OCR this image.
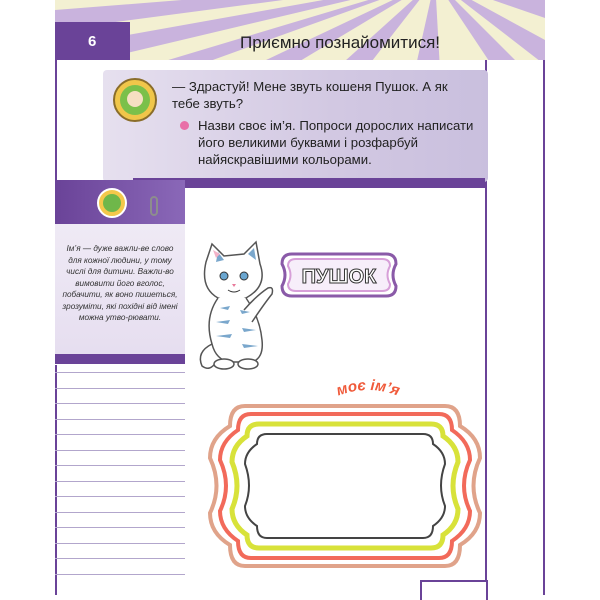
6	Приємно познайомитися!
— Здрастуй! Мене звуть кошеня Пушок. А як тебе звуть?
Назви своє ім’я. Попроси дорослих написати його великими буквами і розфарбуй найяскравішими кольорами.
Ім’я — дуже важли-ве слово для кожної людини, у тому числі для дитини. Важли-во вимовити його вголос, побачити, як воно пишеться, зрозуміти, які похідні від імені можна утво-рювати.
ПУШОК
моє ім’я
